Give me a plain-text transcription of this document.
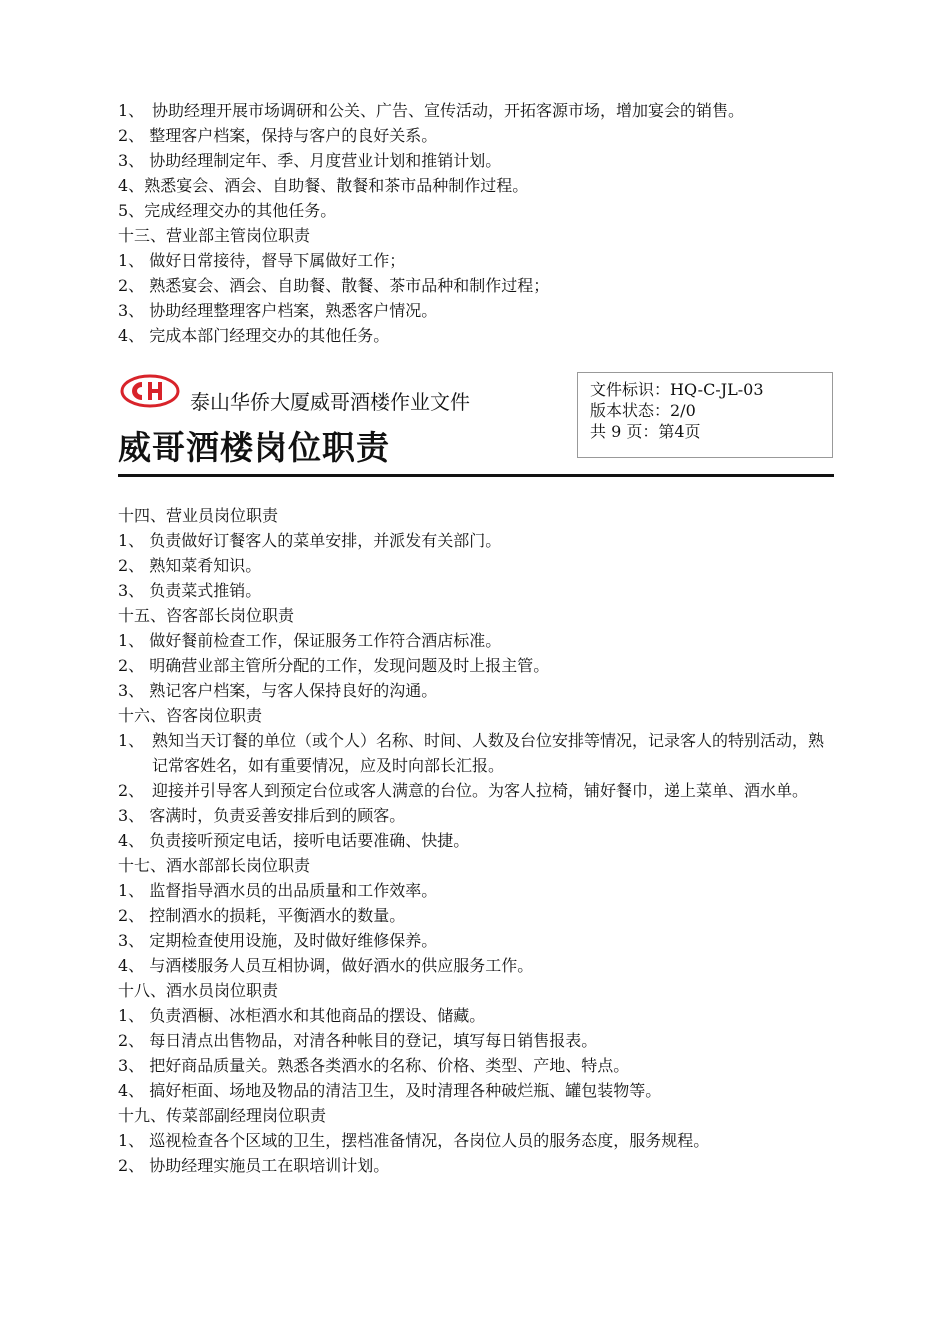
1、 协助经理开展市场调研和公关、广告、宣传活动，开拓客源市场，增加宴会的销售。
2、 整理客户档案，保持与客户的良好关系。
3、 协助经理制定年、季、月度营业计划和推销计划。
4、 熟悉宴会、酒会、自助餐、散餐和茶市品种制作过程。
5、 完成经理交办的其他任务。
十三、营业部主管岗位职责
1、 做好日常接待，督导下属做好工作；
2、 熟悉宴会、酒会、自助餐、散餐、茶市品种和制作过程；
3、 协助经理整理客户档案，熟悉客户情况。
4、 完成本部门经理交办的其他任务。
泰山华侨大厦威哥酒楼作业文件
威哥酒楼岗位职责
文件标识：HQ-C-JL-03
版本状态：2/0
共 9 页：第4页
十四、营业员岗位职责
1、 负责做好订餐客人的菜单安排，并派发有关部门。
2、 熟知菜肴知识。
3、 负责菜式推销。
十五、咨客部长岗位职责
1、 做好餐前检查工作，保证服务工作符合酒店标准。
2、 明确营业部主管所分配的工作，发现问题及时上报主管。
3、 熟记客户档案，与客人保持良好的沟通。
十六、咨客岗位职责
1、 熟知当天订餐的单位（或个人）名称、时间、人数及台位安排等情况，记录客人的特别活动，熟记常客姓名，如有重要情况，应及时向部长汇报。
2、 迎接并引导客人到预定台位或客人满意的台位。为客人拉椅，铺好餐巾，递上菜单、酒水单。
3、 客满时，负责妥善安排后到的顾客。
4、 负责接听预定电话，接听电话要准确、快捷。
十七、酒水部部长岗位职责
1、 监督指导酒水员的出品质量和工作效率。
2、 控制酒水的损耗，平衡酒水的数量。
3、 定期检查使用设施，及时做好维修保养。
4、 与酒楼服务人员互相协调，做好酒水的供应服务工作。
十八、酒水员岗位职责
1、 负责酒橱、冰柜酒水和其他商品的摆设、储藏。
2、 每日清点出售物品，对清各种帐目的登记，填写每日销售报表。
3、 把好商品质量关。熟悉各类酒水的名称、价格、类型、产地、特点。
4、 搞好柜面、场地及物品的清洁卫生，及时清理各种破烂瓶、罐包装物等。
十九、传菜部副经理岗位职责
1、 巡视检查各个区域的卫生，摆档准备情况，各岗位人员的服务态度，服务规程。
2、 协助经理实施员工在职培训计划。
